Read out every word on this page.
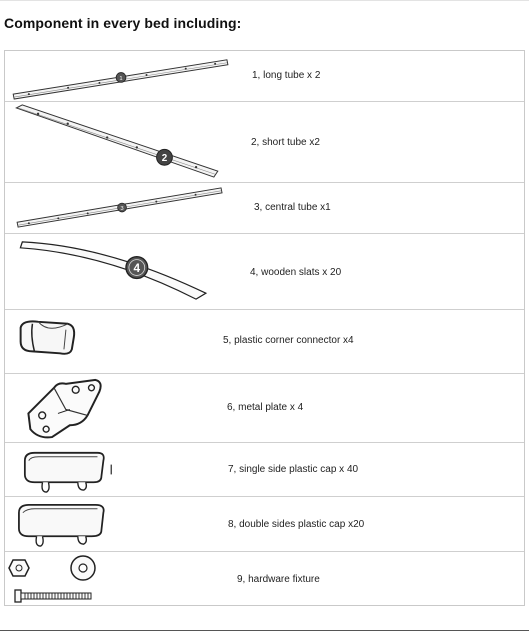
Component in every bed including:
1	1, long tube x 2
2
2, short tube x2
3	3, central tube x1
4	4, wooden slats x 20
5, plastic corner connector x4
6, metal plate x 4
7, single side plastic cap x 40
8, double sides plastic cap x20
9, hardware fixture
